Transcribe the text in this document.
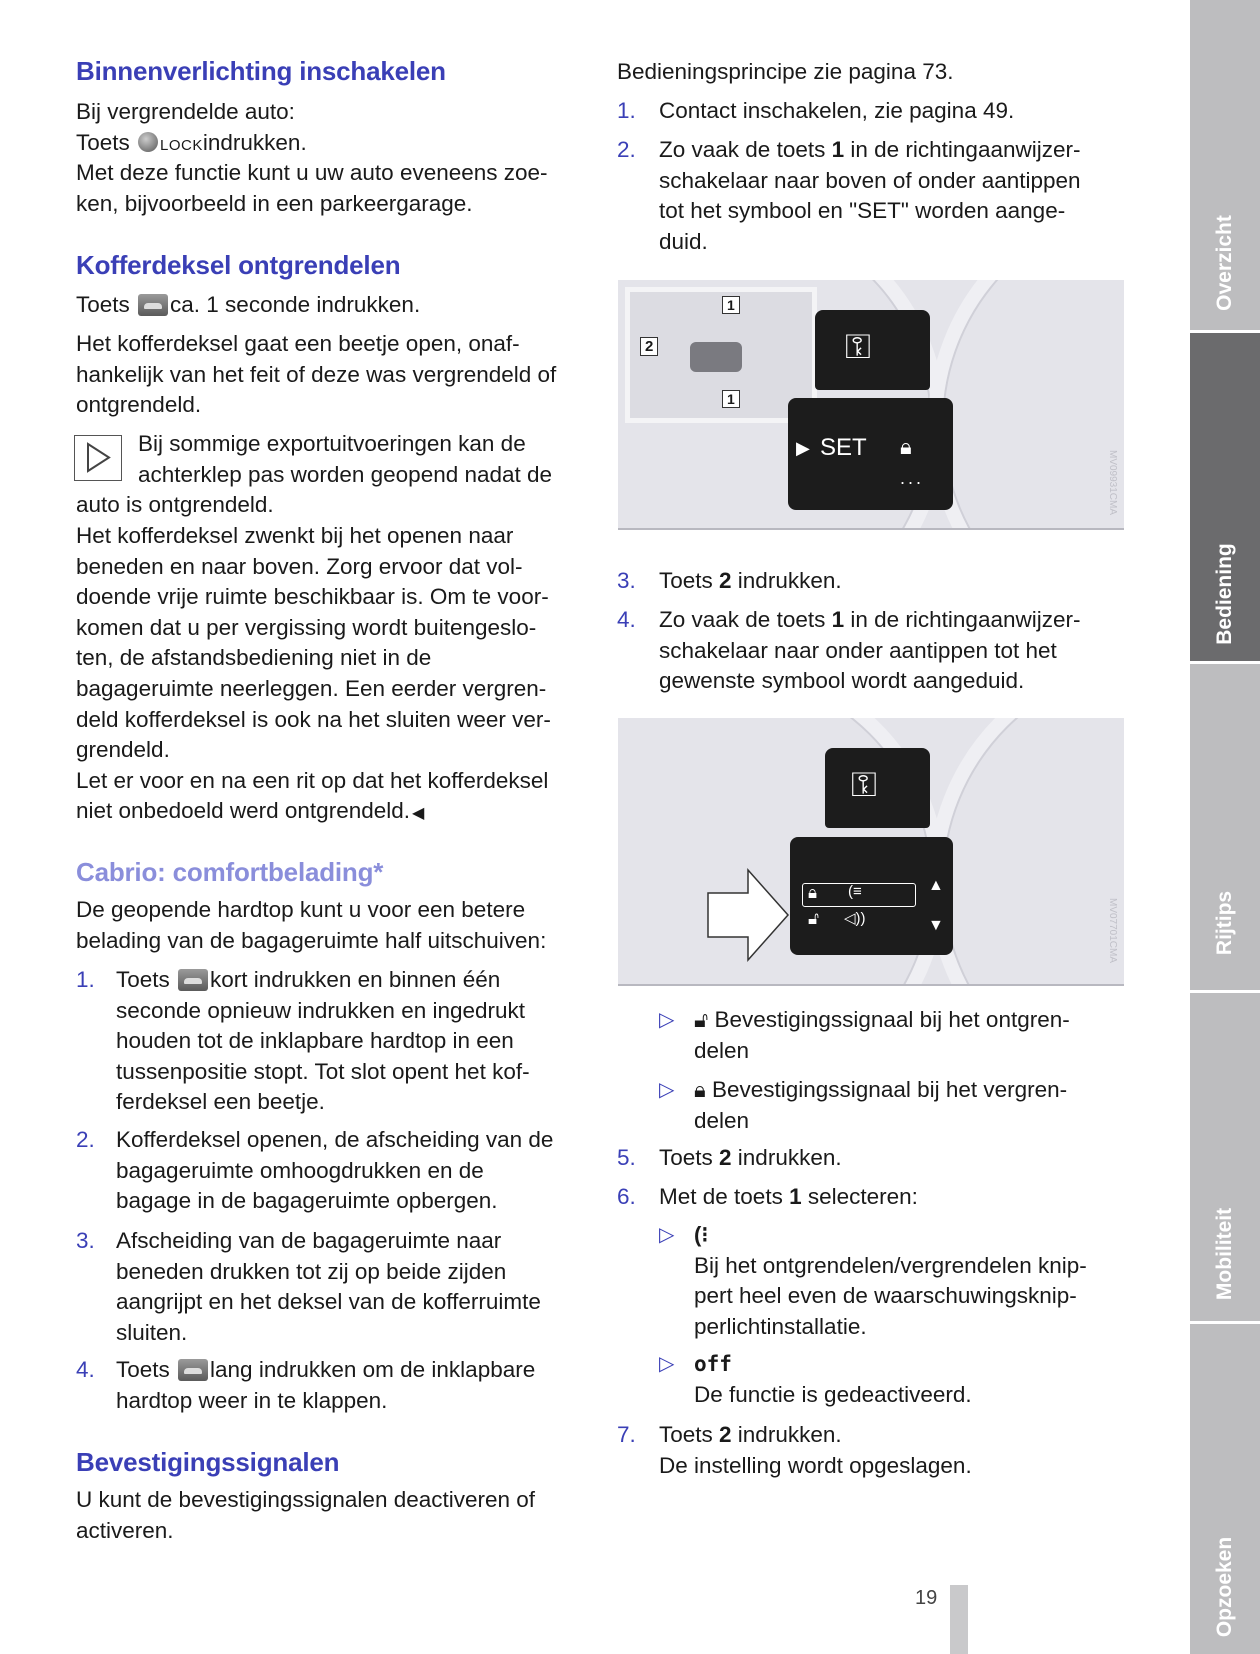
Binnenverlichting inschakelen
Bij vergrendelde auto:
Toets LOCKindrukken.
Met deze functie kunt u uw auto eveneens zoe-
ken, bijvoorbeeld in een parkeergarage.
Kofferdeksel ontgrendelen
Toets ca. 1 seconde indrukken.
Het kofferdeksel gaat een beetje open, onaf-
hankelijk van het feit of deze was vergrendeld of
ontgrendeld.
Bij sommige exportuitvoeringen kan de
achterklep pas worden geopend nadat de
auto is ontgrendeld.
Het kofferdeksel zwenkt bij het openen naar
beneden en naar boven. Zorg ervoor dat vol-
doende vrije ruimte beschikbaar is. Om te voor-
komen dat u per vergissing wordt buitengeslo-
ten, de afstandsbediening niet in de
bagageruimte neerleggen. Een eerder vergren-
deld kofferdeksel is ook na het sluiten weer ver-
grendeld.
Let er voor en na een rit op dat het kofferdeksel
niet onbedoeld werd ontgrendeld.◀
Cabrio: comfortbelading*
De geopende hardtop kunt u voor een betere
belading van de bagageruimte half uitschuiven:
Bevestigingssignalen
U kunt de bevestigingssignalen deactiveren of
activeren.
Bedieningsprincipe zie pagina 73.
2
1
1
⚿
▶ SET 🔒︎
...	MV09931CMA
⚿
🔒︎ (≡
🔓︎ ◁))
▲
▼	MV07701CMA
Overzicht
Bediening
Rijtips
Mobiliteit
Opzoeken
19
1. Toets kort indrukken en binnen één
seconde opnieuw indrukken en ingedrukt
houden tot de inklapbare hardtop in een
tussenpositie stopt. Tot slot opent het kof-
ferdeksel een beetje.
2. Kofferdeksel openen, de afscheiding van de
bagageruimte omhoogdrukken en de
bagage in de bagageruimte opbergen.
3. Afscheiding van de bagageruimte naar
beneden drukken tot zij op beide zijden
aangrijpt en het deksel van de kofferruimte
sluiten.
4. Toets lang indrukken om de inklapbare
hardtop weer in te klappen.
1. Contact inschakelen, zie pagina 49.
2. Zo vaak de toets 1 in de richtingaanwijzer-
schakelaar naar boven of onder aantippen
tot het symbool en "SET" worden aange-
duid.
3. Toets 2 indrukken.
4. Zo vaak de toets 1 in de richtingaanwijzer-
schakelaar naar onder aantippen tot het
gewenste symbool wordt aangeduid.
5. Toets 2 indrukken.
6. Met de toets 1 selecteren:
7. Toets 2 indrukken.
De instelling wordt opgeslagen.
▷ 🔓︎	Bevestigingssignaal bij het ontgren-
delen
▷ 🔒︎	Bevestigingssignaal bij het vergren-
delen
▷
(⁝
Bij het ontgrendelen/vergrendelen knip-
pert heel even de waarschuwingsknip-
perlichtinstallatie.
▷ off
De functie is gedeactiveerd.
